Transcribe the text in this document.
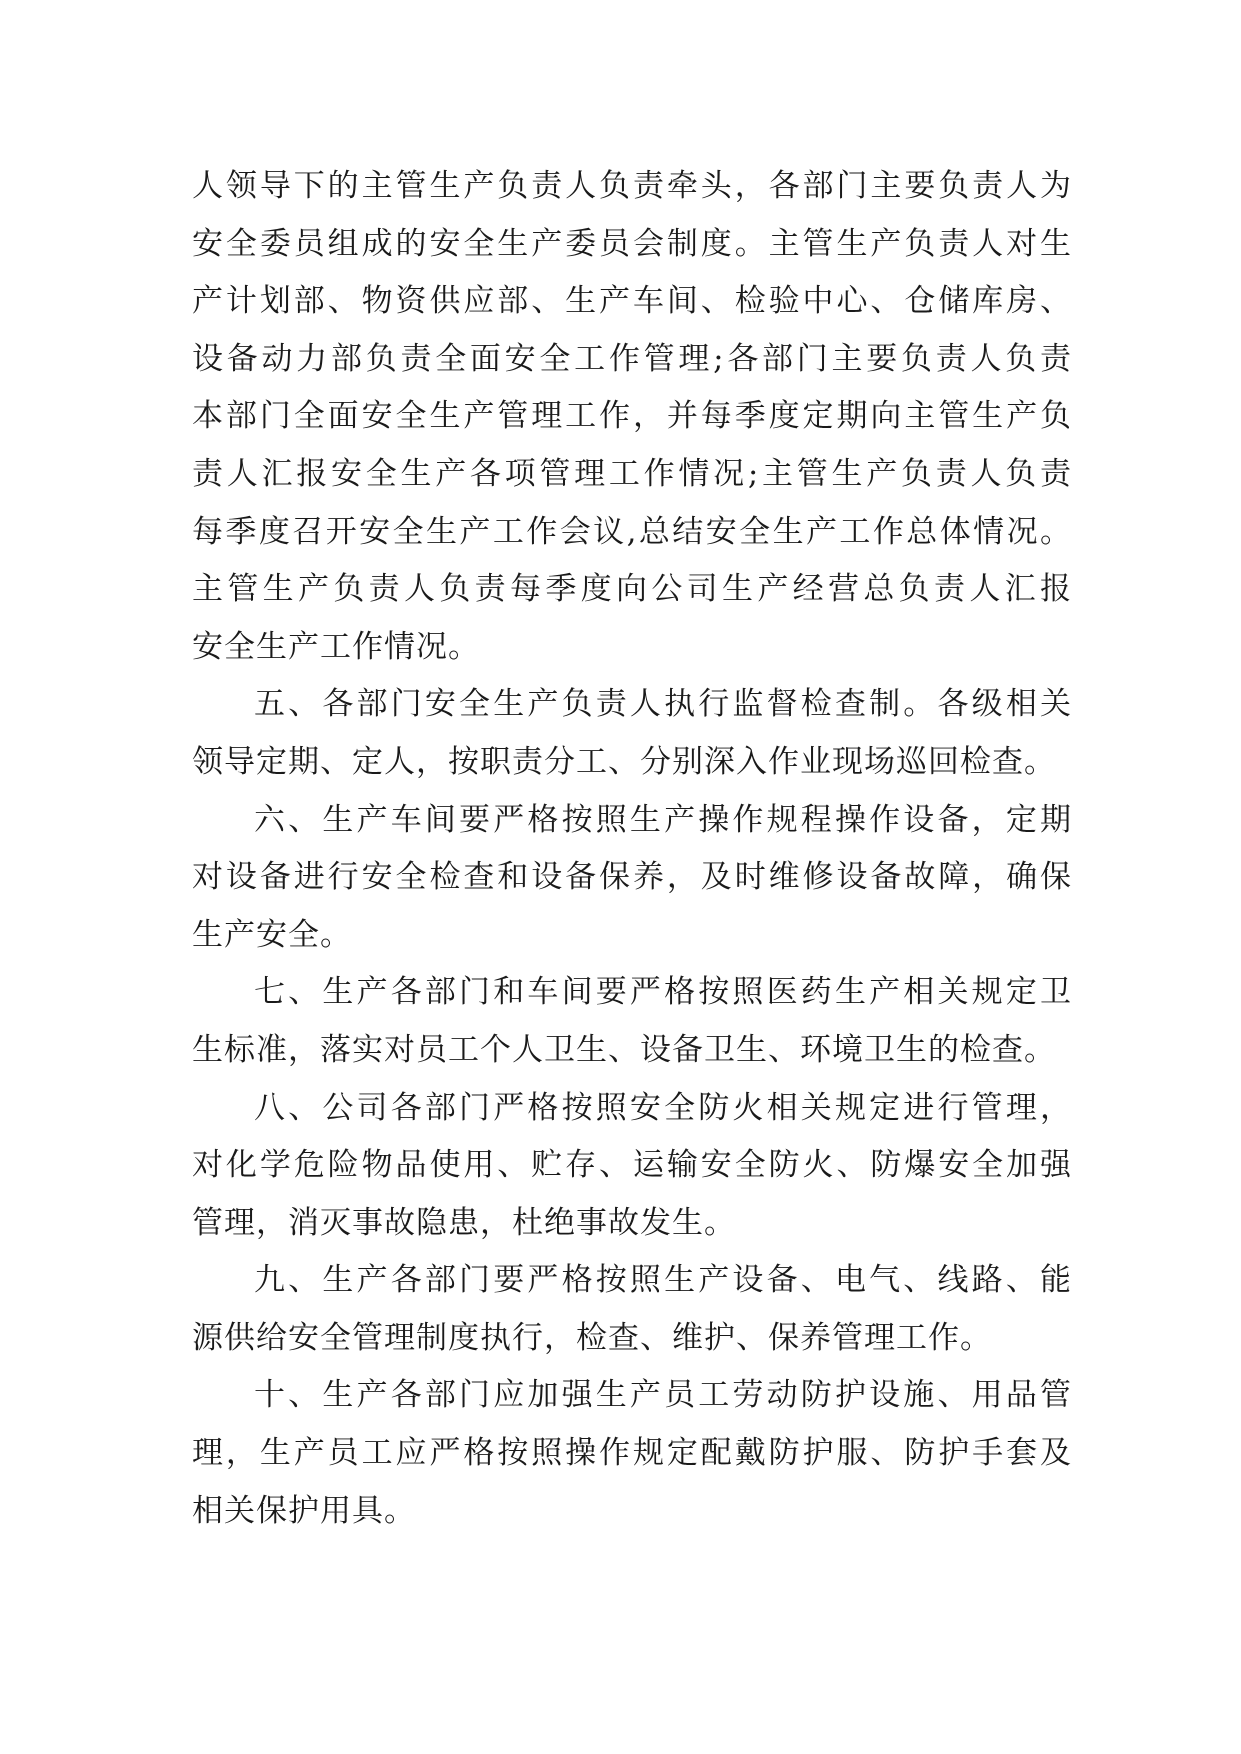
人领导下的主管生产负责人负责牵头，各部门主要负责人为
安全委员组成的安全生产委员会制度。主管生产负责人对生
产计划部、物资供应部、生产车间、检验中心、仓储库房、
设备动力部负责全面安全工作管理;各部门主要负责人负责
本部门全面安全生产管理工作，并每季度定期向主管生产负
责人汇报安全生产各项管理工作情况;主管生产负责人负责
每季度召开安全生产工作会议,总结安全生产工作总体情况。
主管生产负责人负责每季度向公司生产经营总负责人汇报
安全生产工作情况。
五、各部门安全生产负责人执行监督检查制。各级相关
领导定期、定人，按职责分工、分别深入作业现场巡回检查。
六、生产车间要严格按照生产操作规程操作设备，定期
对设备进行安全检查和设备保养，及时维修设备故障，确保
生产安全。
七、生产各部门和车间要严格按照医药生产相关规定卫
生标准，落实对员工个人卫生、设备卫生、环境卫生的检查。
八、公司各部门严格按照安全防火相关规定进行管理，
对化学危险物品使用、贮存、运输安全防火、防爆安全加强
管理，消灭事故隐患，杜绝事故发生。
九、生产各部门要严格按照生产设备、电气、线路、能
源供给安全管理制度执行，检查、维护、保养管理工作。
十、生产各部门应加强生产员工劳动防护设施、用品管
理，生产员工应严格按照操作规定配戴防护服、防护手套及
相关保护用具。
